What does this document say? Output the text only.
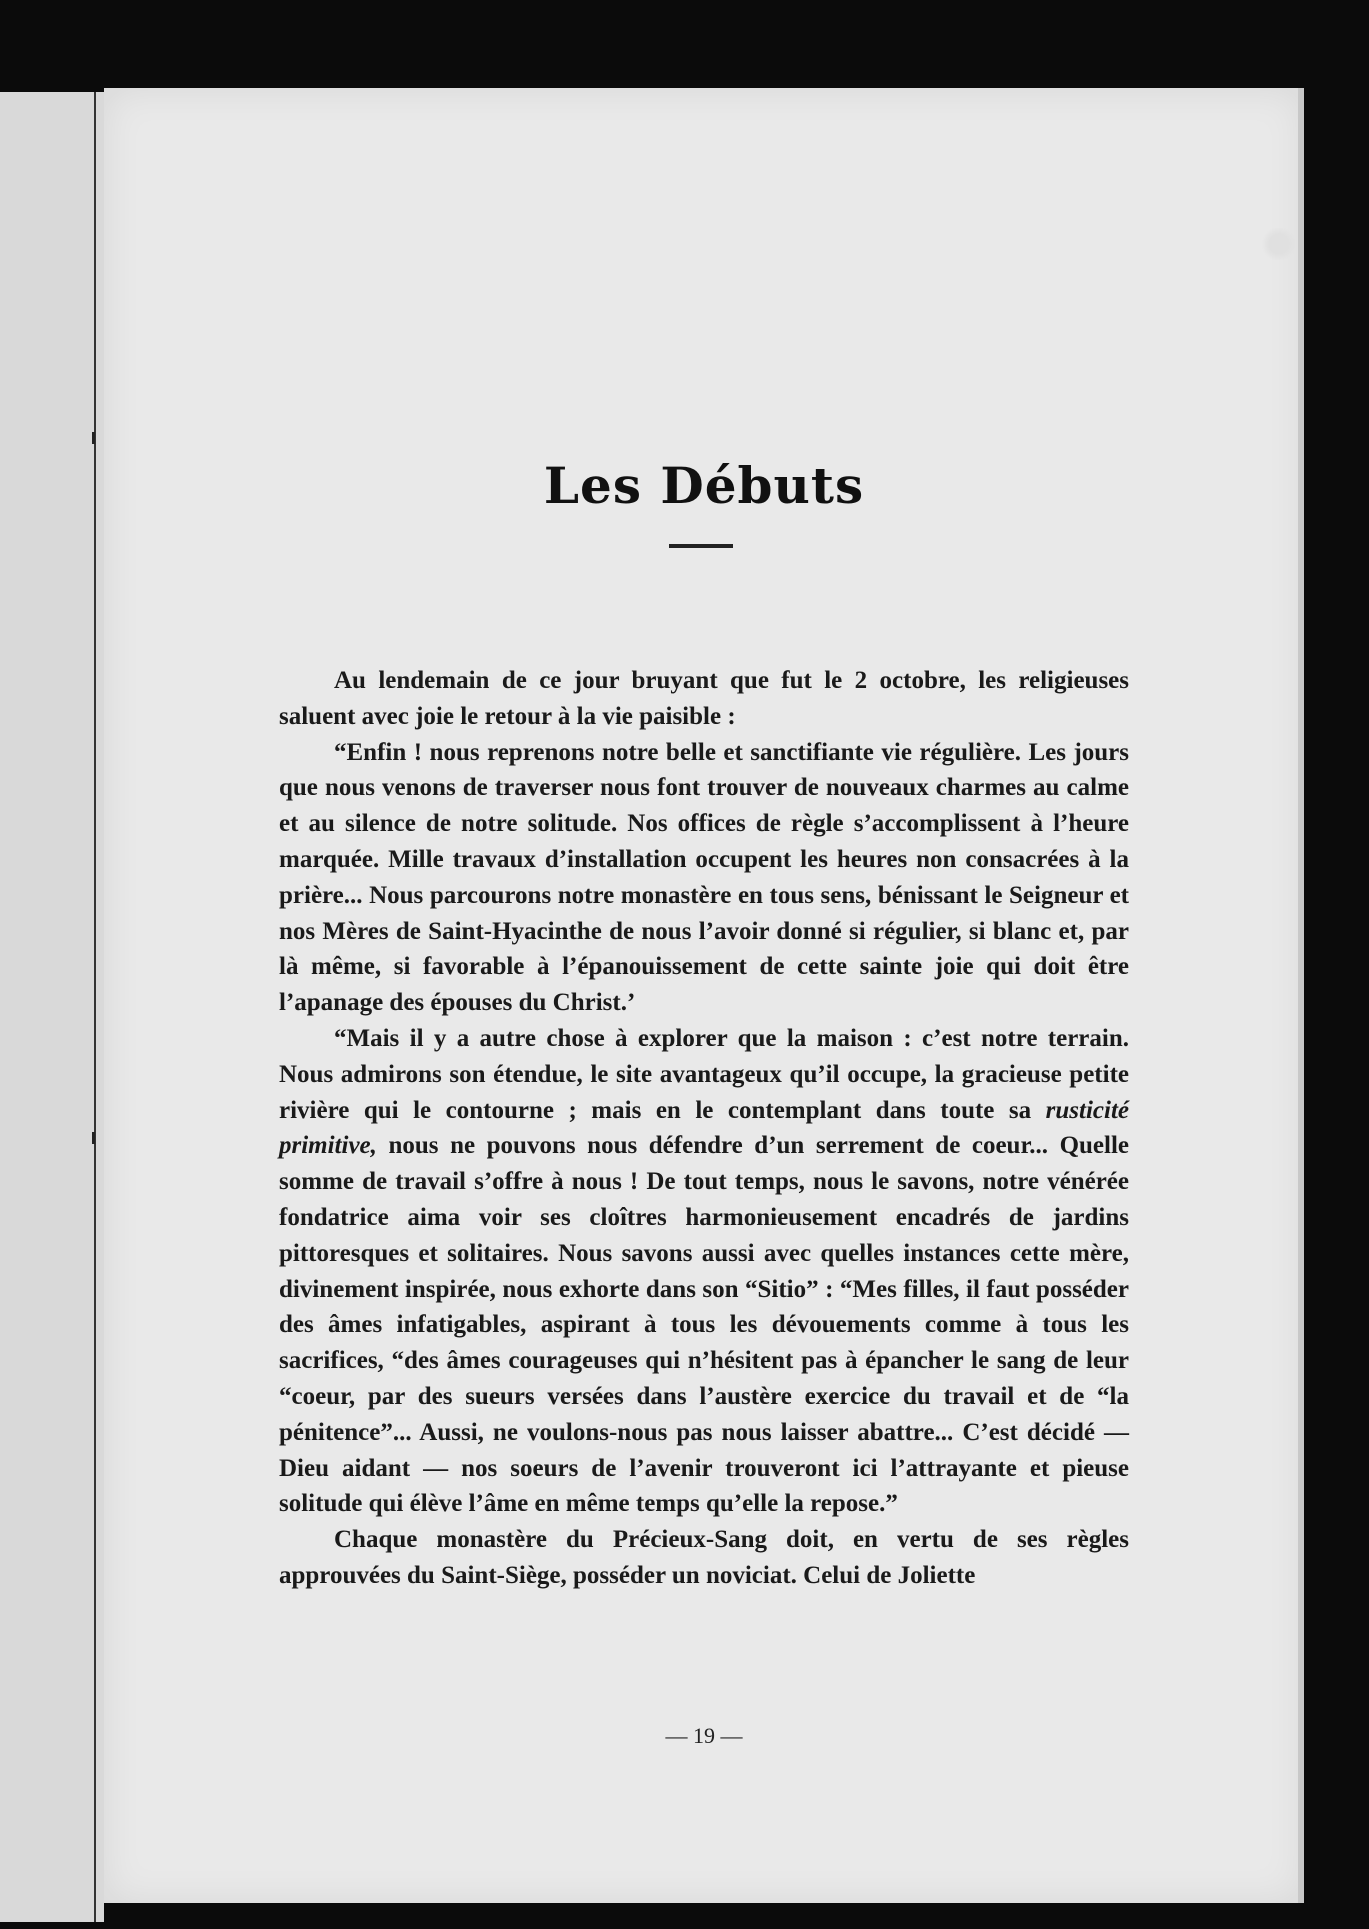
Les Débuts

Au lendemain de ce jour bruyant que fut le 2 octobre, les religieuses saluent avec joie le retour à la vie paisible :

“Enfin ! nous reprenons notre belle et sanctifiante vie régulière. Les jours que nous venons de traverser nous font trouver de nouveaux charmes au calme et au silence de notre solitude. Nos offices de règle s’accomplissent à l’heure marquée. Mille travaux d’installation occupent les heures non consacrées à la prière... Nous parcourons notre monastère en tous sens, bénissant le Seigneur et nos Mères de Saint-Hyacinthe de nous l’avoir donné si régulier, si blanc et, par là même, si favorable à l’épanouissement de cette sainte joie qui doit être l’apanage des épouses du Christ.’

“Mais il y a autre chose à explorer que la maison : c’est notre terrain. Nous admirons son étendue, le site avantageux qu’il occupe, la gracieuse petite rivière qui le contourne ; mais en le contemplant dans toute sa rusticité primitive, nous ne pouvons nous défendre d’un serrement de coeur... Quelle somme de travail s’offre à nous ! De tout temps, nous le savons, notre vénérée fondatrice aima voir ses cloîtres harmonieusement encadrés de jardins pittoresques et solitaires. Nous savons aussi avec quelles instances cette mère, divinement inspirée, nous exhorte dans son “Sitio” : “Mes filles, il faut posséder des âmes infatigables, aspirant à tous les dévouements comme à tous les sacrifices, “des âmes courageuses qui n’hésitent pas à épancher le sang de leur “coeur, par des sueurs versées dans l’austère exercice du travail et de “la pénitence”... Aussi, ne voulons-nous pas nous laisser abattre... C’est décidé — Dieu aidant — nos soeurs de l’avenir trouveront ici l’attrayante et pieuse solitude qui élève l’âme en même temps qu’elle la repose.”

Chaque monastère du Précieux-Sang doit, en vertu de ses règles approuvées du Saint-Siège, posséder un noviciat. Celui de Joliette

— 19 —
